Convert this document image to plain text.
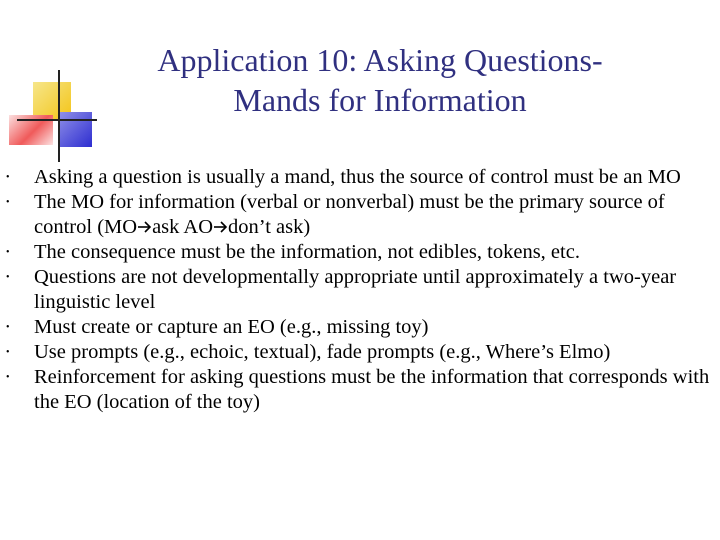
Application 10: Asking Questions-
Mands for Information
• Asking a question is usually a mand, thus the source of control must be an MO
• The MO for information (verbal or nonverbal) must be the primary source of control (MO ask AO don’t ask)
• The consequence must be the information, not edibles, tokens, etc.
• Questions are not developmentally appropriate until approximately a two-year linguistic level
• Must create or capture an EO (e.g., missing toy)
• Use prompts (e.g., echoic, textual), fade prompts (e.g., Where’s Elmo)
• Reinforcement for asking questions must be the information that corresponds with the EO (location of the toy)
